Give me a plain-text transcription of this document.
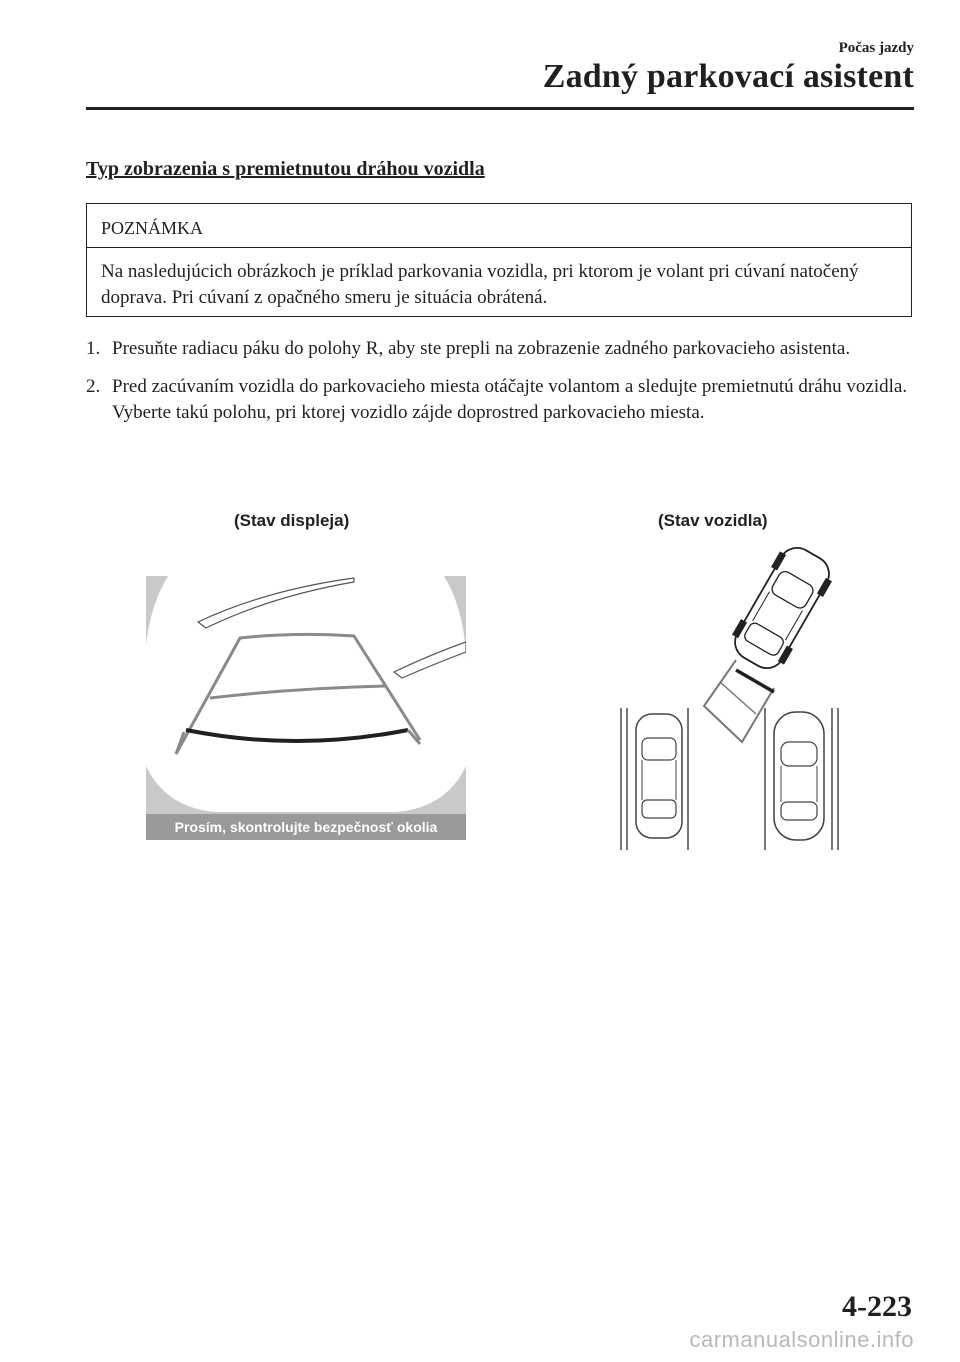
Počas jazdy
Zadný parkovací asistent
Typ zobrazenia s premietnutou dráhou vozidla
POZNÁMKA
Na nasledujúcich obrázkoch je príklad parkovania vozidla, pri ktorom je volant pri cúvaní natočený doprava. Pri cúvaní z opačného smeru je situácia obrátená.
1. Presuňte radiacu páku do polohy R, aby ste prepli na zobrazenie zadného parkovacieho asistenta.
2. Pred zacúvaním vozidla do parkovacieho miesta otáčajte volantom a sledujte premietnutú dráhu vozidla. Vyberte takú polohu, pri ktorej vozidlo zájde doprostred parkovacieho miesta.
(Stav displeja)	(Stav vozidla)
Prosím, skontrolujte bezpečnosť okolia
4-223
carmanualsonline.info
